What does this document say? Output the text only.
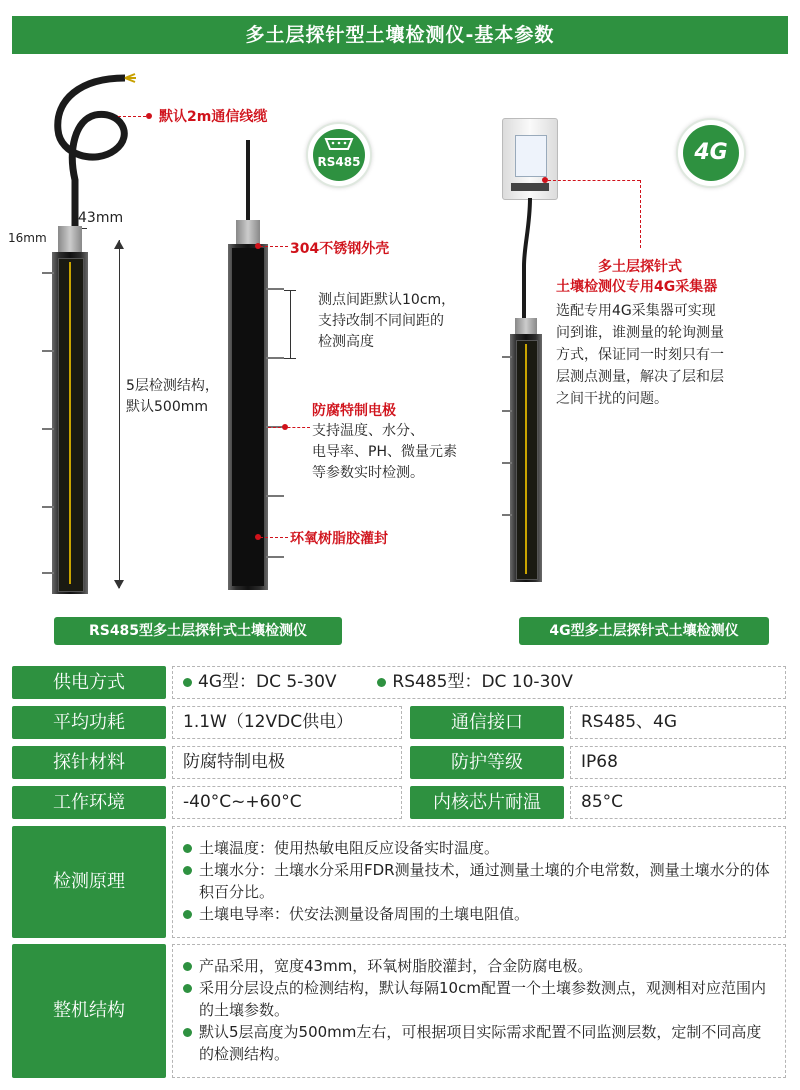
多土层探针型土壤检测仪-基本参数
默认2m通信线缆
43mm
16mm
5层检测结构，
默认500mm
RS485型多土层探针式土壤检测仪
RS485
304不锈钢外壳
测点间距默认10cm，
支持改制不同间距的
检测高度
防腐特制电极
支持温度、水分、
电导率、PH、微量元素
等参数实时检测。
环氧树脂胶灌封
4G
多土层探针式
土壤检测仪专用4G采集器
选配专用4G采集器可实现
问到谁，谁测量的轮询测量
方式，保证同一时刻只有一
层测点测量，解决了层和层
之间干扰的问题。
4G型多土层探针式土壤检测仪
供电方式	4G型：DC 5-30V	RS485型：DC 10-30V
平均功耗	1.1W（12VDC供电）	通信接口	RS485、4G
探针材料	防腐特制电极	防护等级	IP68
工作环境	-40°C~+60°C	内核芯片耐温	85°C
检测原理
土壤温度：使用热敏电阻反应设备实时温度。
土壤水分：土壤水分采用FDR测量技术，通过测量土壤的介电常数，测量土壤水分的体积百分比。
土壤电导率：伏安法测量设备周围的土壤电阻值。
整机结构
产品采用，宽度43mm，环氧树脂胶灌封，合金防腐电极。
采用分层设点的检测结构，默认每隔10cm配置一个土壤参数测点，观测相对应范围内的土壤参数。
默认5层高度为500mm左右，可根据项目实际需求配置不同监测层数，定制不同高度的检测结构。
